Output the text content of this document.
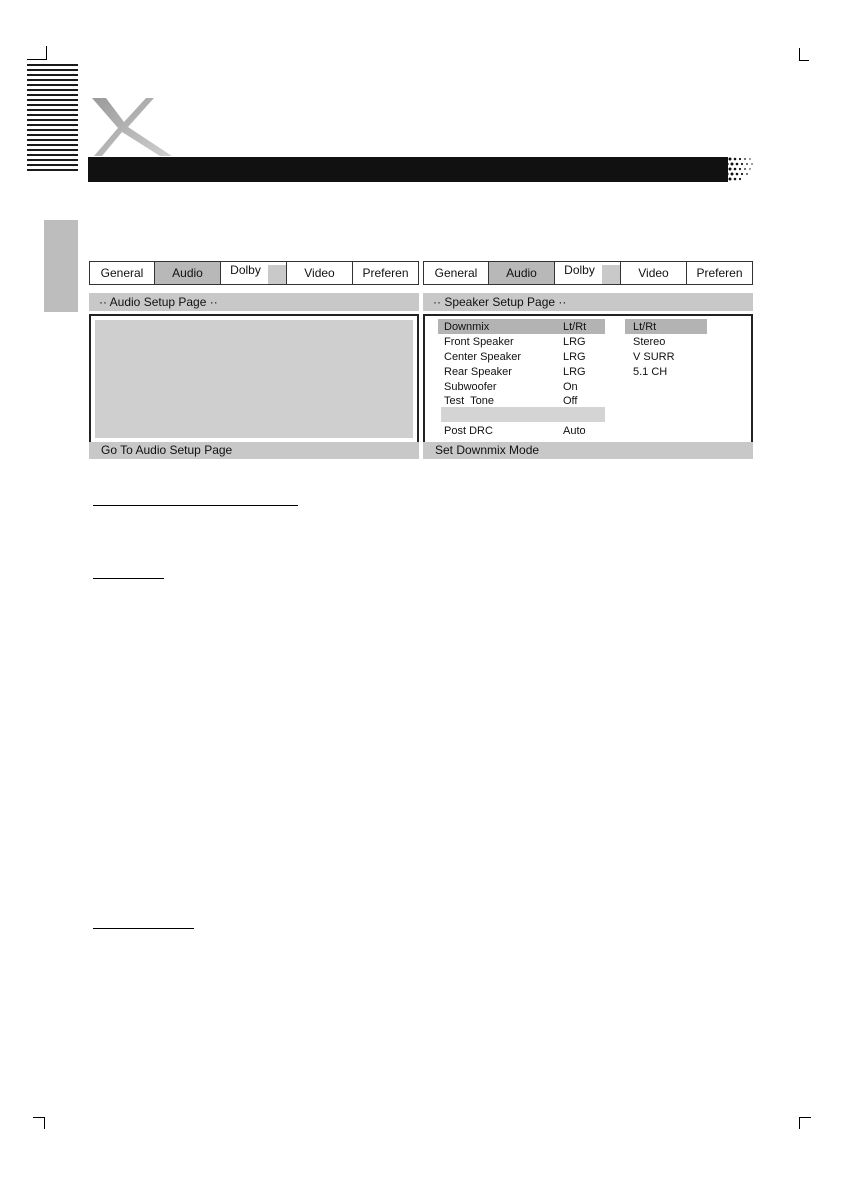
General	Audio	Dolby	Video	Preferen
·· Audio Setup Page ··
Go To Audio Setup Page
General	Audio	Dolby	Video	Preferen
·· Speaker Setup Page ··
Downmix	Lt/Rt
Front Speaker	LRG
Center Speaker	LRG
Rear Speaker	LRG
Subwoofer	On
Test  Tone	Off
Post DRC	Auto
Lt/Rt
Stereo
V SURR
5.1 CH
Set Downmix Mode
